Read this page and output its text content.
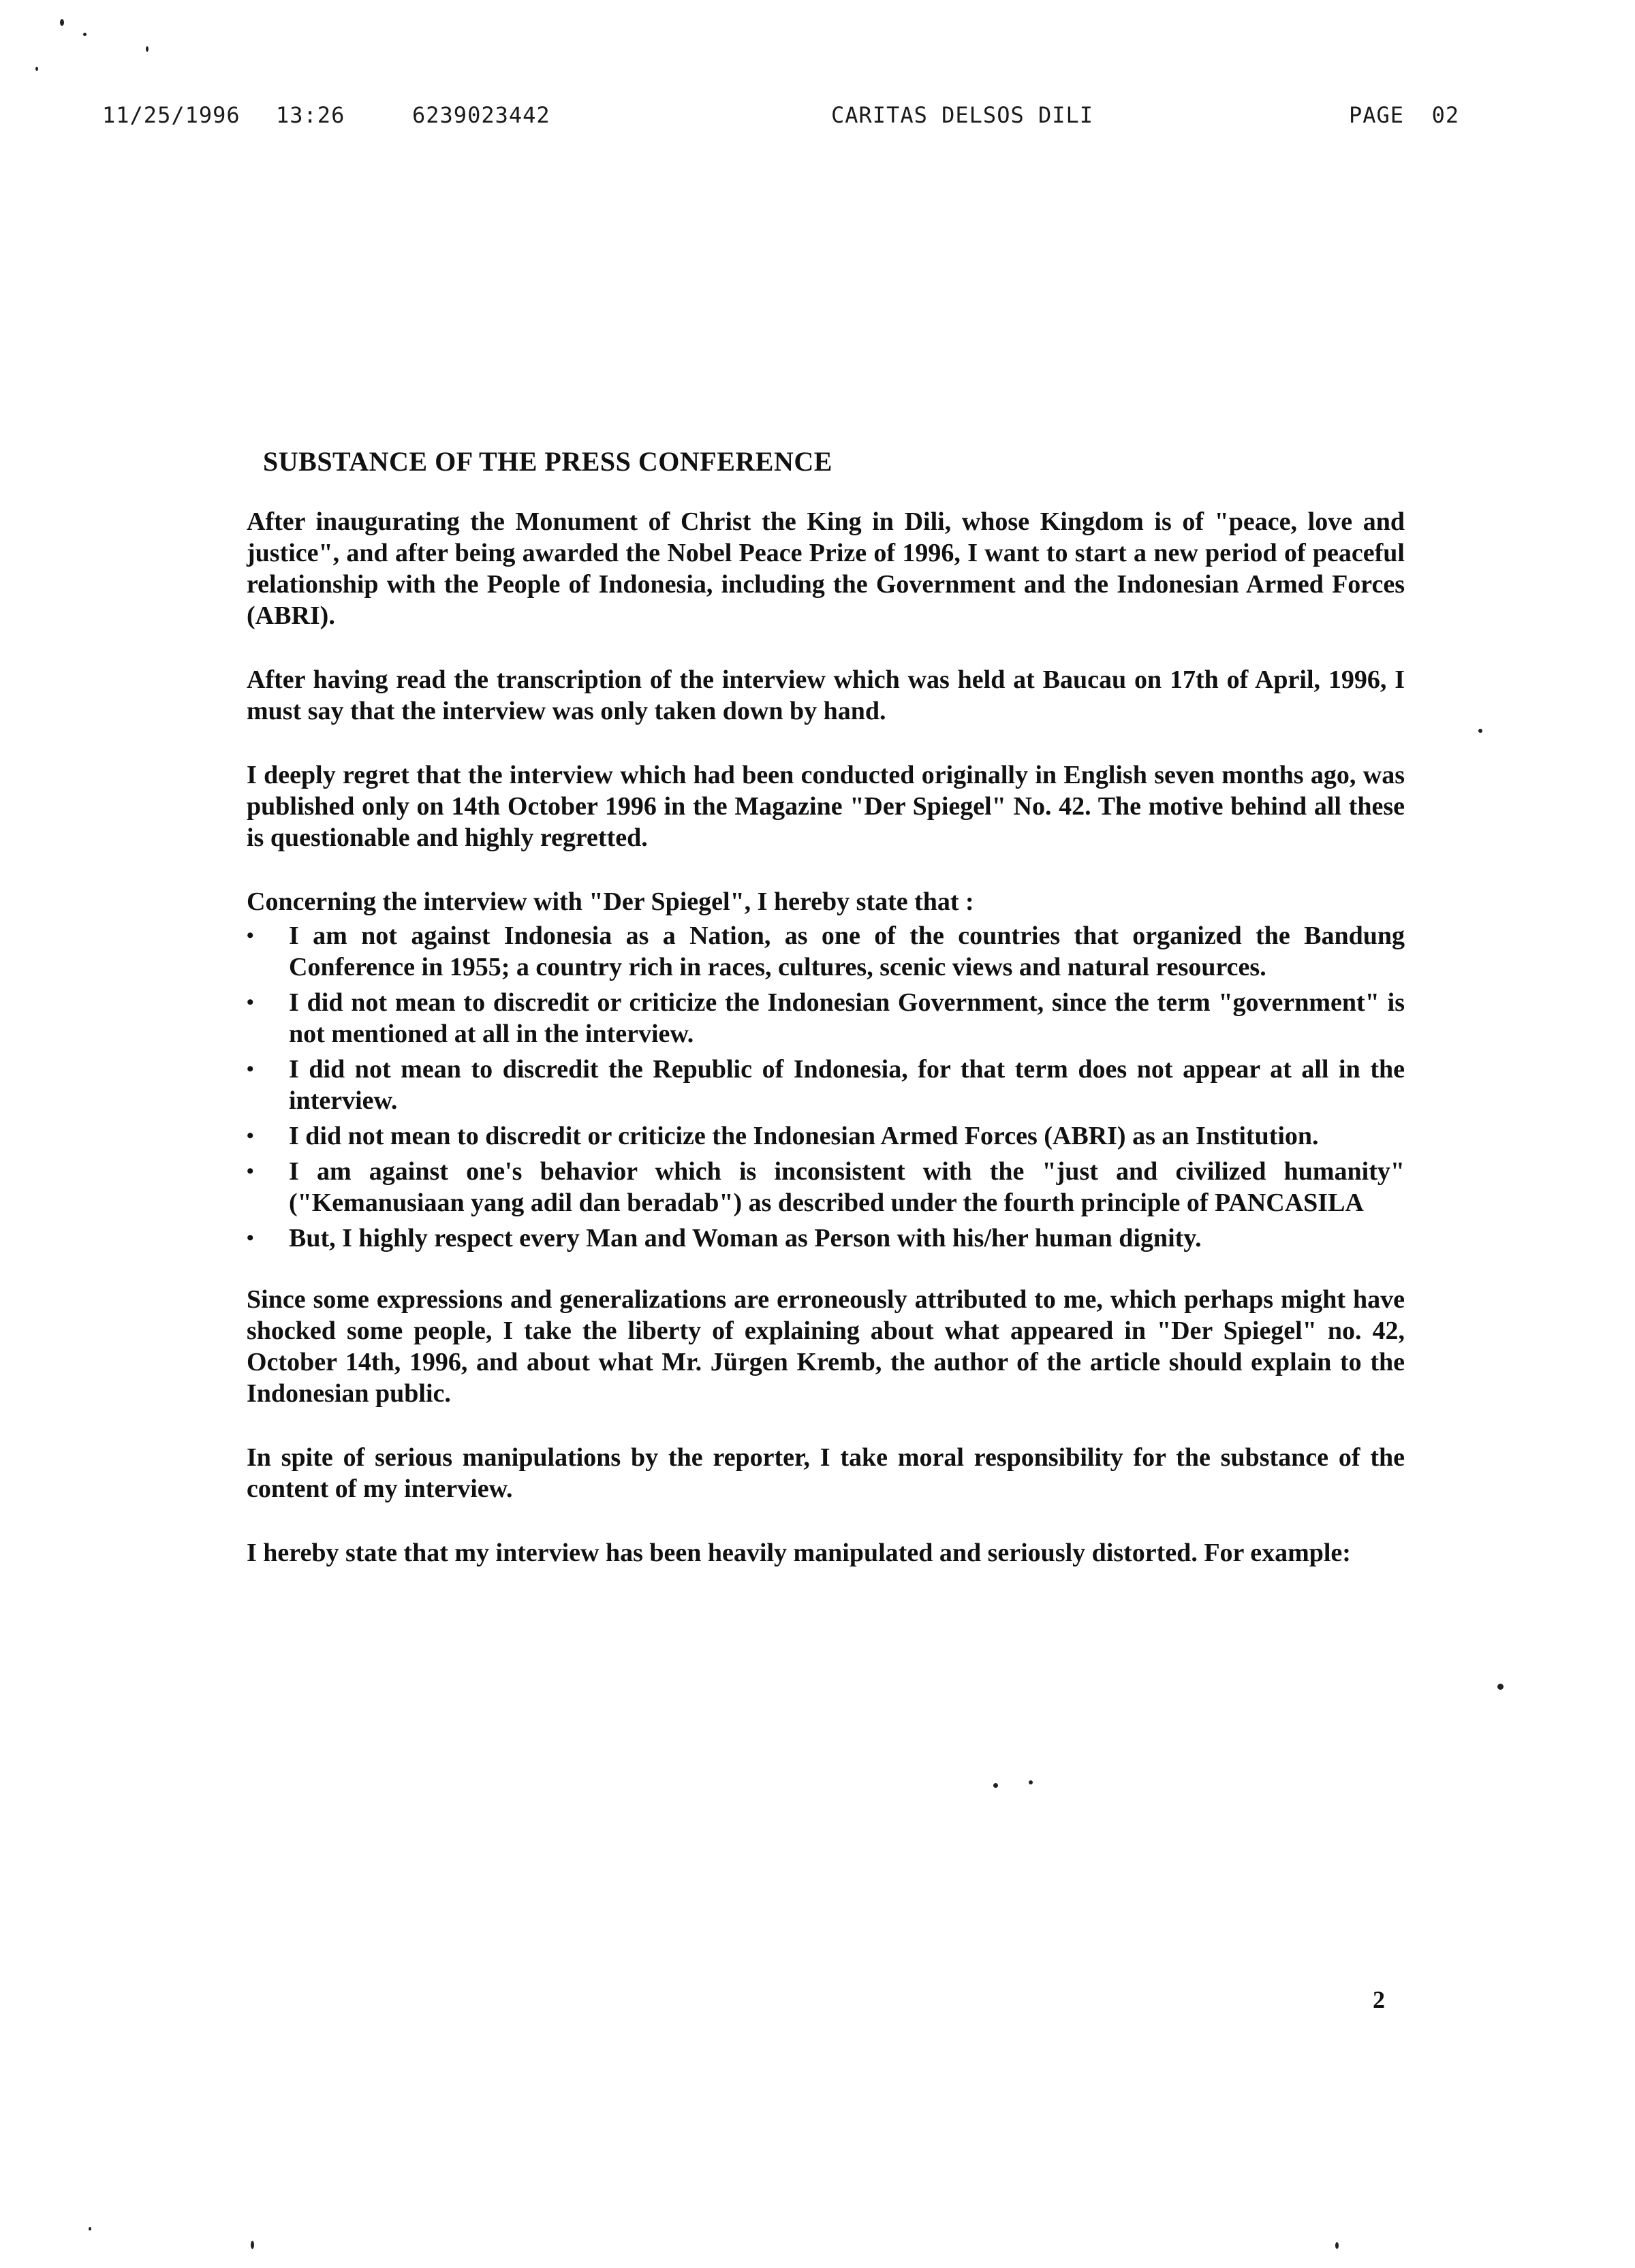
11/25/1996 13:26	6239023442	CARITAS DELSOS DILI	PAGE 02
SUBSTANCE OF THE PRESS CONFERENCE

After inaugurating the Monument of Christ the King in Dili, whose Kingdom is of "peace, love and justice", and after being awarded the Nobel Peace Prize of 1996, I want to start a new period of peaceful relationship with the People of Indonesia, including the Government and the Indonesian Armed Forces (ABRI).

After having read the transcription of the interview which was held at Baucau on 17th of April, 1996, I must say that the interview was only taken down by hand.

I deeply regret that the interview which had been conducted originally in English seven months ago, was published only on 14th October 1996 in the Magazine "Der Spiegel" No. 42. The motive behind all these is questionable and highly regretted.

Concerning the interview with "Der Spiegel", I hereby state that :
• I am not against Indonesia as a Nation, as one of the countries that organized the Bandung Conference in 1955; a country rich in races, cultures, scenic views and natural resources.
• I did not mean to discredit or criticize the Indonesian Government, since the term "government" is not mentioned at all in the interview.
• I did not mean to discredit the Republic of Indonesia, for that term does not appear at all in the interview.
• I did not mean to discredit or criticize the Indonesian Armed Forces (ABRI) as an Institution.
• I am against one's behavior which is inconsistent with the "just and civilized humanity" ("Kemanusiaan yang adil dan beradab") as described under the fourth principle of PANCASILA
• But, I highly respect every Man and Woman as Person with his/her human dignity.

Since some expressions and generalizations are erroneously attributed to me, which perhaps might have shocked some people, I take the liberty of explaining about what appeared in "Der Spiegel" no. 42, October 14th, 1996, and about what Mr. Jürgen Kremb, the author of the article should explain to the Indonesian public.

In spite of serious manipulations by the reporter, I take moral responsibility for the substance of the content of my interview.

I hereby state that my interview has been heavily manipulated and seriously distorted. For example:

2
